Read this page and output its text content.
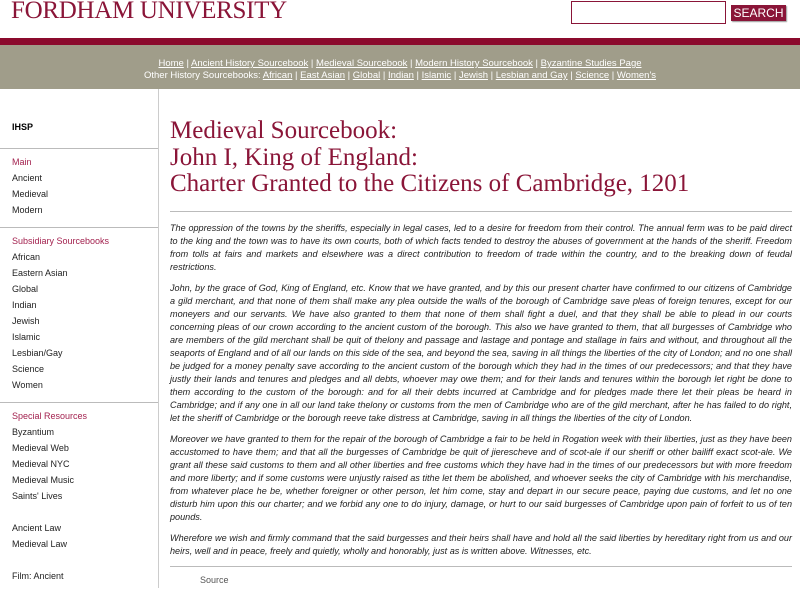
FORDHAM UNIVERSITY	SEARCH
Home | Ancient History Sourcebook | Medieval Sourcebook | Modern History Sourcebook | Byzantine Studies Page
Other History Sourcebooks: African | East Asian | Global | Indian | Islamic | Jewish | Lesbian and Gay | Science | Women's
IHSP
Main
Ancient
Medieval
Modern
Subsidiary Sourcebooks
African
Eastern Asian
Global
Indian
Jewish
Islamic
Lesbian/Gay
Science
Women
Special Resources
Byzantium
Medieval Web
Medieval NYC
Medieval Music
Saints' Lives
Ancient Law
Medieval Law
Film: Ancient
Medieval Sourcebook:
John I, King of England:
Charter Granted to the Citizens of Cambridge, 1201

The oppression of the towns by the sheriffs, especially in legal cases, led to a desire for freedom from their control. The annual ferm was to be paid direct to the king and the town was to have its own courts, both of which facts tended to destroy the abuses of government at the hands of the sheriff. Freedom from tolls at fairs and markets and elsewhere was a direct contribution to freedom of trade within the country, and to the breaking down of feudal restrictions.

John, by the grace of God, King of England, etc. Know that we have granted, and by this our present charter have confirmed to our citizens of Cambridge a gild merchant, and that none of them shall make any plea outside the walls of the borough of Cambridge save pleas of foreign tenures, except for our moneyers and our servants. We have also granted to them that none of them shall fight a duel, and that they shall be able to plead in our courts concerning pleas of our crown according to the ancient custom of the borough. This also we have granted to them, that all burgesses of Cambridge who are members of the gild merchant shall be quit of thelony and passage and lastage and pontage and stallage in fairs and without, and throughout all the seaports of England and of all our lands on this side of the sea, and beyond the sea, saving in all things the liberties of the city of London; and no one shall be judged for a money penalty save according to the ancient custom of the borough which they had in the times of our predecessors; and that they have justly their lands and tenures and pledges and all debts, whoever may owe them; and for their lands and tenures within the borough let right be done to them according to the custom of the borough: and for all their debts incurred at Cambridge and for pledges made there let their pleas be heard in Cambridge; and if any one in all our land take thelony or customs from the men of Cambridge who are of the gild merchant, after he has failed to do right, let the sheriff of Cambridge or the borough reeve take distress at Cambridge, saving in all things the liberties of the city of London.

Moreover we have granted to them for the repair of the borough of Cambridge a fair to be held in Rogation week with their liberties, just as they have been accustomed to have them; and that all the burgesses of Cambridge be quit of jierescheve and of scot-ale if our sheriff or other bailiff exact scot-ale. We grant all these said customs to them and all other liberties and free customs which they have had in the times of our predecessors but with more freedom and more liberty; and if some customs were unjustly raised as tithe let them be abolished, and whoever seeks the city of Cambridge with his merchandise, from whatever place he be, whether foreigner or other person, let him come, stay and depart in our secure peace, paying due customs, and let no one disturb him upon this our charter; and we forbid any one to do injury, damage, or hurt to our said burgesses of Cambridge upon pain of forfeit to us of ten pounds.

Wherefore we wish and firmly command that the said burgesses and their heirs shall have and hold all the said liberties by hereditary right from us and our heirs, well and in peace, freely and quietly, wholly and honorably, just as is written above. Witnesses, etc.

Source
